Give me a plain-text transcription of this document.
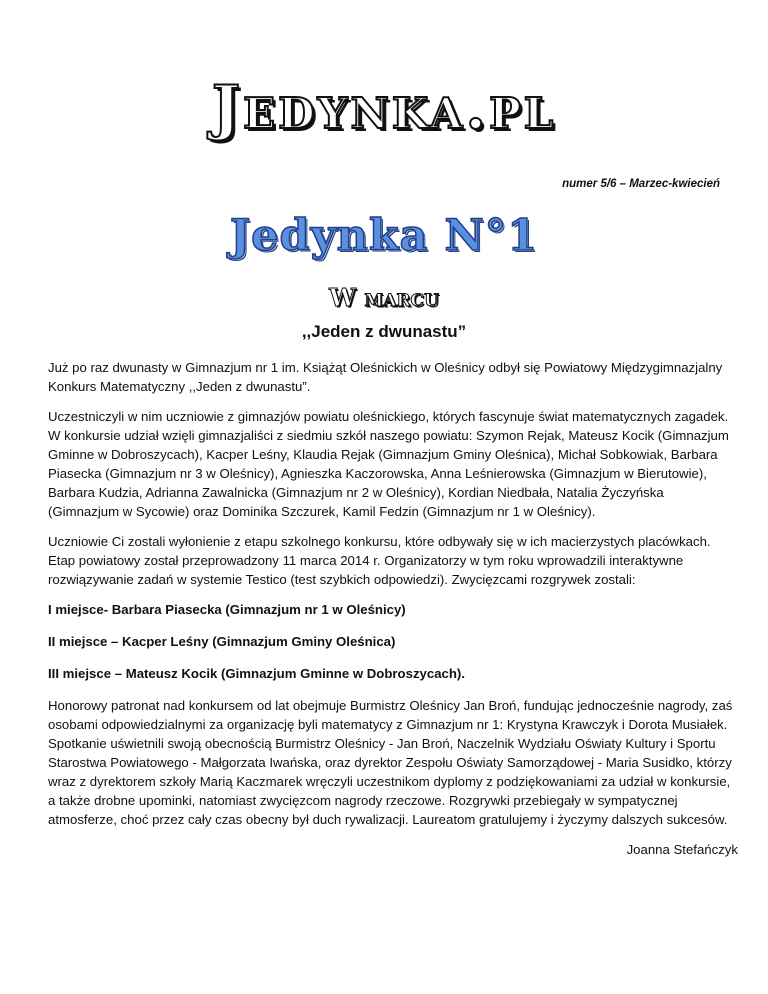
Jedynka.pl
numer 5/6 – Marzec-kwiecień
Jedynka N°1
W marcu
,,Jeden z dwunastu”

Już po raz dwunasty w Gimnazjum nr 1 im. Książąt Oleśnickich w Oleśnicy odbył się Powiatowy Międzygimnazjalny Konkurs Matematyczny ,,Jeden z dwunastu”.

Uczestniczyli w nim uczniowie z gimnazjów powiatu oleśnickiego, których fascynuje świat matematycznych zagadek. W konkursie udział wzięli gimnazjaliści z siedmiu szkół naszego powiatu: Szymon Rejak, Mateusz Kocik (Gimnazjum Gminne w Dobroszycach), Kacper Leśny, Klaudia Rejak (Gimnazjum Gminy Oleśnica), Michał Sobkowiak, Barbara Piasecka (Gimnazjum nr 3 w Oleśnicy), Agnieszka Kaczorowska, Anna Leśnierowska (Gimnazjum w Bierutowie), Barbara Kudzia, Adrianna Zawalnicka (Gimnazjum nr 2 w Oleśnicy), Kordian Niedbała, Natalia Życzyńska (Gimnazjum w Sycowie) oraz Dominika Szczurek, Kamil Fedzin (Gimnazjum nr 1 w Oleśnicy).

Uczniowie Ci zostali wyłonienie z etapu szkolnego konkursu, które odbywały się w ich macierzystych placówkach. Etap powiatowy został przeprowadzony 11 marca 2014 r. Organizatorzy w tym roku wprowadzili interaktywne rozwiązywanie zadań w systemie Testico (test szybkich odpowiedzi). Zwycięzcami rozgrywek zostali:

I miejsce- Barbara Piasecka (Gimnazjum nr 1 w Oleśnicy)

II miejsce – Kacper Leśny (Gimnazjum Gminy Oleśnica)

III miejsce – Mateusz Kocik (Gimnazjum Gminne w Dobroszycach).

Honorowy patronat nad konkursem od lat obejmuje Burmistrz Oleśnicy Jan Broń, fundując jednocześnie nagrody, zaś osobami odpowiedzialnymi za organizację byli matematycy z Gimnazjum nr 1: Krystyna Krawczyk i Dorota Musiałek. Spotkanie uświetnili swoją obecnością Burmistrz Oleśnicy - Jan Broń, Naczelnik Wydziału Oświaty Kultury i Sportu Starostwa Powiatowego - Małgorzata Iwańska, oraz dyrektor Zespołu Oświaty Samorządowej - Maria Susidko, którzy wraz z dyrektorem szkoły Marią Kaczmarek wręczyli uczestnikom dyplomy z podziękowaniami za udział w konkursie, a także drobne upominki, natomiast zwycięzcom nagrody rzeczowe. Rozgrywki przebiegały w sympatycznej atmosferze, choć przez cały czas obecny był duch rywalizacji. Laureatom gratulujemy i życzymy dalszych sukcesów.

Joanna Stefańczyk
